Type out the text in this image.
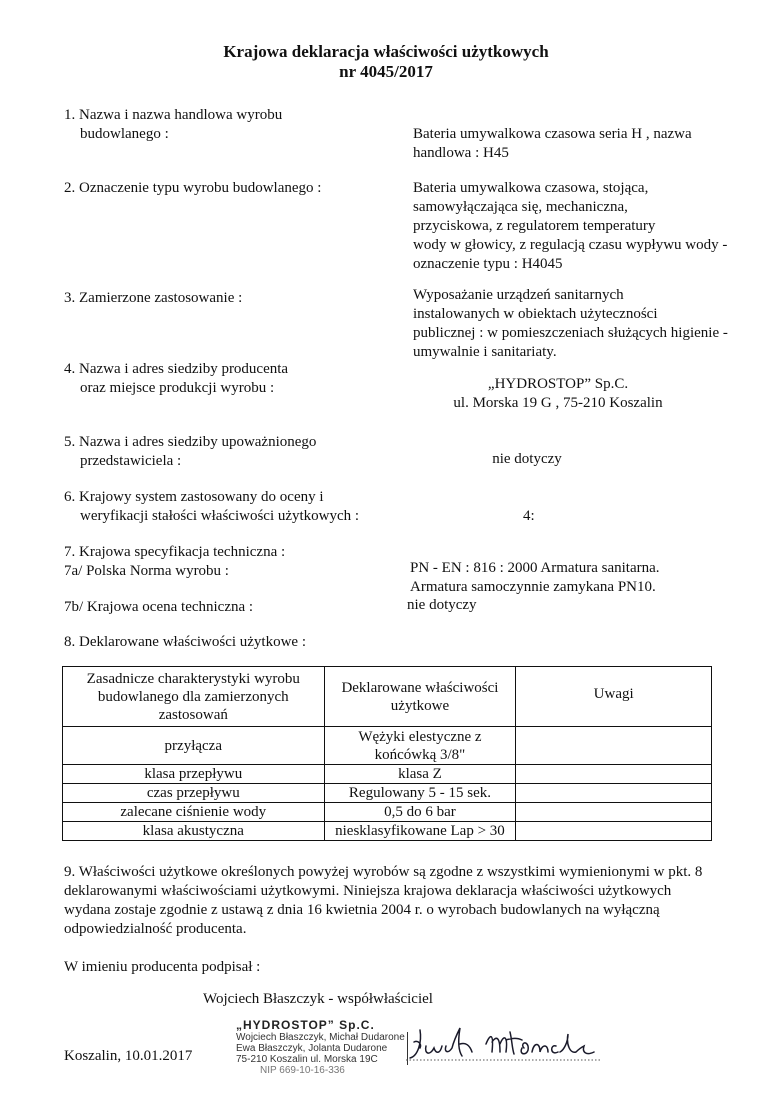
Krajowa deklaracja właściwości użytkowych
nr 4045/2017
1. Nazwa i nazwa handlowa wyrobu
budowlanego :	Bateria umywalkowa czasowa seria H , nazwa
handlowa : H45
2. Oznaczenie typu wyrobu budowlanego :	Bateria umywalkowa czasowa, stojąca,
samowyłączająca się, mechaniczna,
przyciskowa, z regulatorem temperatury
wody w głowicy, z regulacją czasu wypływu wody -
oznaczenie typu : H4045
3. Zamierzone zastosowanie :	Wyposażanie urządzeń sanitarnych
instalowanych w obiektach użyteczności
publicznej : w pomieszczeniach służących higienie -
umywalnie i sanitariaty.
4. Nazwa i adres siedziby producenta
oraz miejsce produkcji wyrobu :	„HYDROSTOP” Sp.C.
ul. Morska 19 G , 75-210 Koszalin
5. Nazwa i adres siedziby upoważnionego
przedstawiciela :	nie dotyczy
6. Krajowy system zastosowany do oceny i
weryfikacji stałości właściwości użytkowych :	4:
7. Krajowa specyfikacja techniczna :
7a/ Polska Norma wyrobu :	PN - EN : 816 : 2000 Armatura sanitarna.
Armatura samoczynnie zamykana PN10.
7b/ Krajowa ocena techniczna :	nie dotyczy
8. Deklarowane właściwości użytkowe :
Zasadnicze charakterystyki wyrobu
budowlanego dla zamierzonych
zastosowań	Deklarowane właściwości
użytkowe	Uwagi
przyłącza	Wężyki elestyczne z
końcówką 3/8"	
klasa przepływu	klasa Z	
czas przepływu	Regulowany 5 - 15 sek.	
zalecane ciśnienie wody	0,5 do 6 bar	
klasa akustyczna	niesklasyfikowane Lap > 30	
9. Właściwości użytkowe określonych powyżej wyrobów są zgodne z wszystkimi wymienionymi w pkt. 8
deklarowanymi właściwościami użytkowymi. Niniejsza krajowa deklaracja właściwości użytkowych
wydana zostaje zgodnie z ustawą z dnia 16 kwietnia 2004 r. o wyrobach budowlanych na wyłączną
odpowiedzialność producenta.
W imieniu producenta podpisał :
Wojciech Błaszczyk - współwłaściciel
Koszalin, 10.01.2017
„HYDROSTOP” Sp.C.
Wojciech Błaszczyk, Michał Dudarone
Ewa Błaszczyk, Jolanta Dudarone
75-210 Koszalin ul. Morska 19C
NIP 669-10-16-336
